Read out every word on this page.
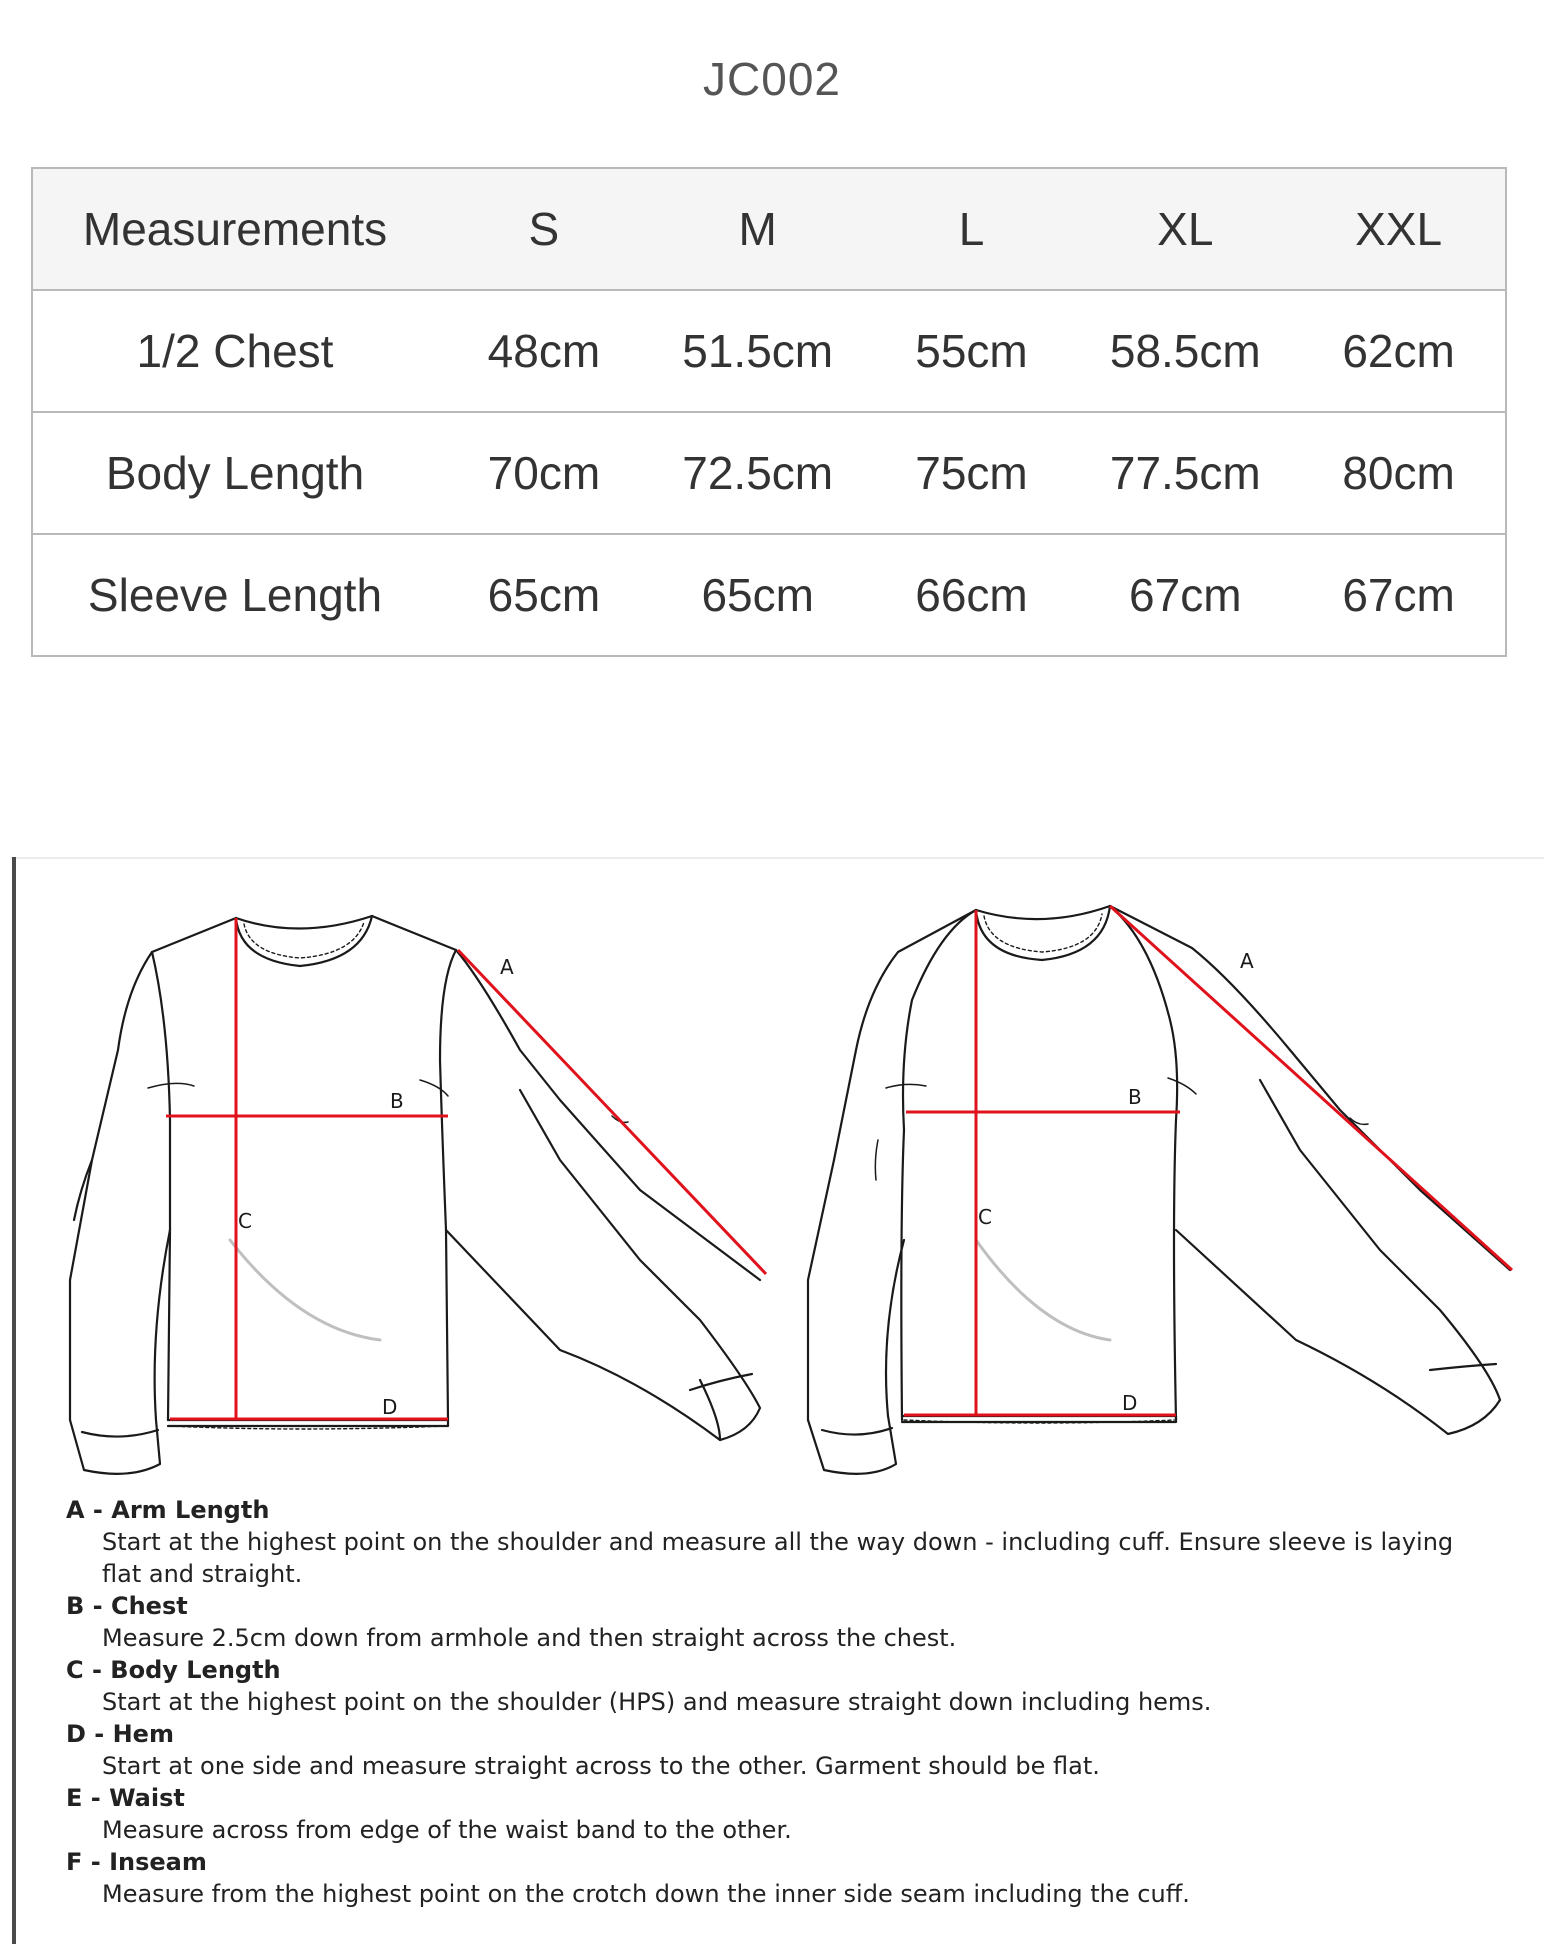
JC002
Measurements	S	M	L	XL	XXL
1/2 Chest	48cm	51.5cm	55cm	58.5cm	62cm
Body Length	70cm	72.5cm	75cm	77.5cm	80cm
Sleeve Length	65cm	65cm	66cm	67cm	67cm
A
B
C
D
A
B
C
D
A - Arm Length
Start at the highest point on the shoulder and measure all the way down - including cuff. Ensure sleeve is laying flat and straight.
B - Chest
Measure 2.5cm down from armhole and then straight across the chest.
C - Body Length
Start at the highest point on the shoulder (HPS) and measure straight down including hems.
D - Hem
Start at one side and measure straight across to the other. Garment should be flat.
E - Waist
Measure across from edge of the waist band to the other.
F - Inseam
Measure from the highest point on the crotch down the inner side seam including the cuff.
